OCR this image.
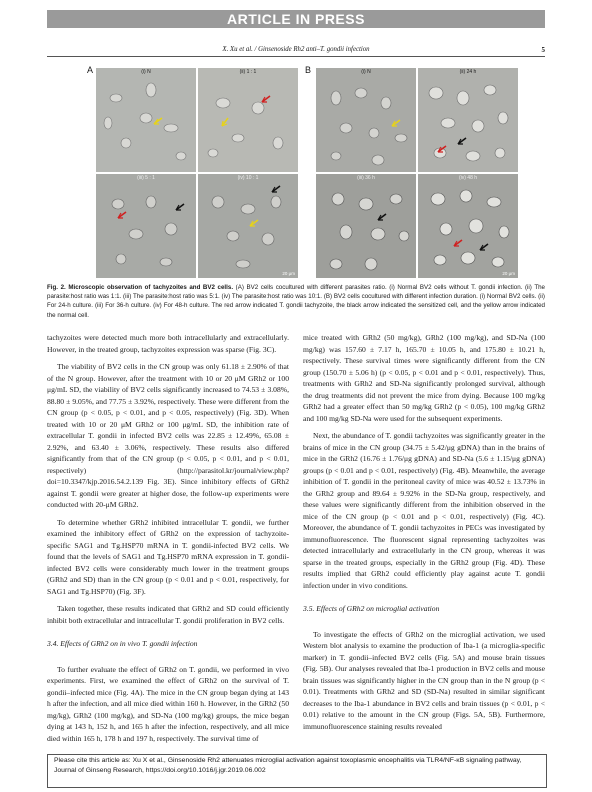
ARTICLE IN PRESS
X. Xu et al. / Ginsenoside Rh2 anti–T. gondii infection	5
A	B
(i) N	(ii) 1 : 1	(i) N	(ii) 24 h
(iii) 5 : 1	(iv) 10 : 1
20 μm
(iii) 36 h	(iv) 48 h
20 μm
Fig. 2. Microscopic observation of tachyzoites and BV2 cells. (A) BV2 cells cocultured with different parasites ratio. (i) Normal BV2 cells without T. gondii infection. (ii) The parasite:host ratio was 1:1. (iii) The parasite:host ratio was 5:1. (iv) The parasite:host ratio was 10:1. (B) BV2 cells cocultured with different infection duration. (i) Normal BV2 cells. (ii) For 24-h culture. (iii) For 36-h culture. (iv) For 48-h culture. The red arrow indicated T. gondii tachyzoite, the black arrow indicated the sensitized cell, and the yellow arrow indicated the normal cell.

tachyzoites were detected much more both intracellularly and extracellularly. However, in the treated group, tachyzoites expression was sparse (Fig. 3C).

The viability of BV2 cells in the CN group was only 61.18 ± 2.90% of that of the N group. However, after the treatment with 10 or 20 μM GRh2 or 100 μg/mL SD, the viability of BV2 cells significantly increased to 74.53 ± 3.08%, 88.80 ± 9.05%, and 77.75 ± 3.92%, respectively. These were different from the CN group (p < 0.05, p < 0.01, and p < 0.05, respectively) (Fig. 3D). When treated with 10 or 20 μM GRh2 or 100 μg/mL SD, the inhibition rate of extracellular T. gondii in infected BV2 cells was 22.85 ± 12.49%, 65.08 ± 2.92%, and 63.40 ± 3.06%, respectively. These results also differed significantly from that of the CN group (p < 0.05, p < 0.01, and p < 0.01, respectively) (http://parasitol.kr/journal/view.php?doi=10.3347/kjp.2016.54.2.139 Fig. 3E). Since inhibitory effects of GRh2 against T. gondii were greater at higher dose, the follow-up experiments were conducted with 20-μM GRh2.

To determine whether GRh2 inhibited intracellular T. gondii, we further examined the inhibitory effect of GRh2 on the expression of tachyzoite-specific SAG1 and Tg.HSP70 mRNA in T. gondii-infected BV2 cells. We found that the levels of SAG1 and Tg.HSP70 mRNA expression in T. gondii-infected BV2 cells were considerably much lower in the treatment groups (GRh2 and SD) than in the CN group (p < 0.01 and p < 0.01, respectively, for SAG1 and Tg.HSP70) (Fig. 3F).

Taken together, these results indicated that GRh2 and SD could efficiently inhibit both extracellular and intracellular T. gondii proliferation in BV2 cells.

3.4. Effects of GRh2 on in vivo T. gondii infection

To further evaluate the effect of GRh2 on T. gondii, we performed in vivo experiments. First, we examined the effect of GRh2 on the survival of T. gondii–infected mice (Fig. 4A). The mice in the CN group began dying at 143 h after the infection, and all mice died within 160 h. However, in the GRh2 (50 mg/kg), GRh2 (100 mg/kg), and SD-Na (100 mg/kg) groups, the mice began dying at 143 h, 152 h, and 165 h after the infection, respectively, and all mice died within 165 h, 178 h and 197 h, respectively. The survival time of

mice treated with GRh2 (50 mg/kg), GRh2 (100 mg/kg), and SD-Na (100 mg/kg) was 157.60 ± 7.17 h, 165.70 ± 10.05 h, and 175.80 ± 10.21 h, respectively. These survival times were significantly different from the CN group (150.70 ± 5.06 h) (p < 0.05, p < 0.01 and p < 0.01, respectively). Thus, treatments with GRh2 and SD-Na significantly prolonged survival, although the drug treatments did not prevent the mice from dying. Because 100 mg/kg GRh2 had a greater effect than 50 mg/kg GRh2 (p < 0.05), 100 mg/kg GRh2 and 100 mg/kg SD-Na were used for the subsequent experiments.

Next, the abundance of T. gondii tachyzoites was significantly greater in the brains of mice in the CN group (34.75 ± 5.42/μg gDNA) than in the brains of mice in the GRh2 (16.76 ± 1.76/μg gDNA) and SD-Na (5.6 ± 1.15/μg gDNA) groups (p < 0.01 and p < 0.01, respectively) (Fig. 4B). Meanwhile, the average inhibition of T. gondii in the peritoneal cavity of mice was 40.52 ± 13.73% in the GRh2 group and 89.64 ± 9.92% in the SD-Na group, respectively, and these values were significantly different from the inhibition observed in the mice of the CN group (p < 0.01 and p < 0.01, respectively) (Fig. 4C). Moreover, the abundance of T. gondii tachyzoites in PECs was investigated by immunofluorescence. The fluorescent signal representing tachyzoites was detected intracellularly and extracellularly in the CN group, whereas it was sparse in the treated groups, especially in the GRh2 group (Fig. 4D). These results implied that GRh2 could efficiently play against acute T. gondii infection under in vivo conditions.

3.5. Effects of GRh2 on microglial activation

To investigate the effects of GRh2 on the microglial activation, we used Western blot analysis to examine the production of Iba-1 (a microglia-specific marker) in T. gondii–infected BV2 cells (Fig. 5A) and mouse brain tissues (Fig. 5B). Our analyses revealed that Iba-1 production in BV2 cells and mouse brain tissues was significantly higher in the CN group than in the N group (p < 0.01). Treatments with GRh2 and SD (SD-Na) resulted in similar significant decreases to the Iba-1 abundance in BV2 cells and brain tissues (p < 0.01, p < 0.01) relative to the amount in the CN group (Figs. 5A, 5B). Furthermore, immunofluorescence staining results revealed

Please cite this article as: Xu X et al., Ginsenoside Rh2 attenuates microglial activation against toxoplasmic encephalitis via TLR4/NF-κB signaling pathway, Journal of Ginseng Research, https://doi.org/10.1016/j.jgr.2019.06.002
